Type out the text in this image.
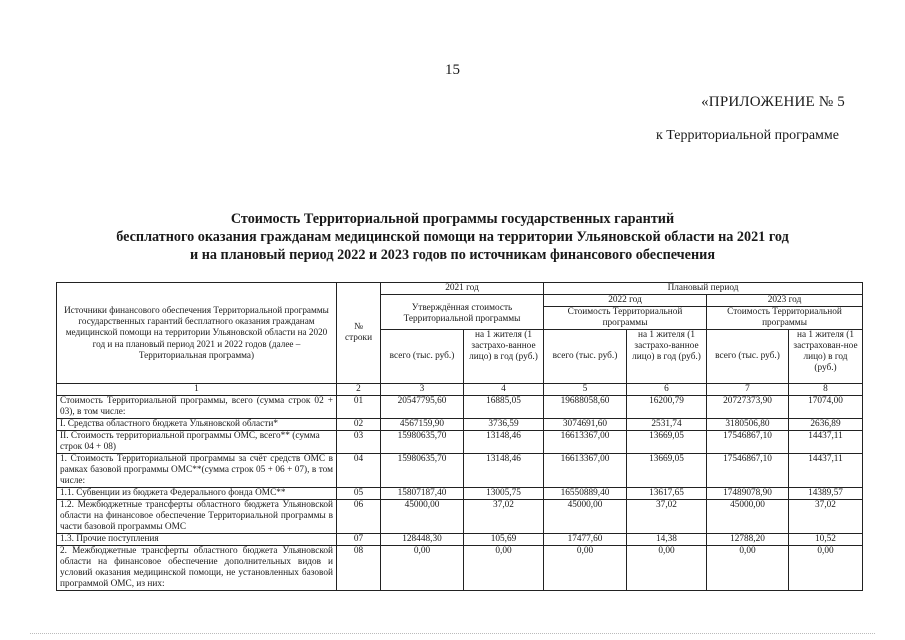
15
«ПРИЛОЖЕНИЕ № 5
к Территориальной программе
Стоимость Территориальной программы государственных гарантий
бесплатного оказания гражданам медицинской помощи на территории Ульяновской области на 2021 год
и на плановый период 2022 и 2023 годов по источникам финансового обеспечения
Источники финансового обеспечения Территориальной программы государственных гарантий бесплатного оказания гражданам медицинской помощи на территории Ульяновской области на 2020 год и на плановый период 2021 и 2022 годов (далее – Территориальная программа)	№ строки	2021 год		Плановый период			
		Утверждённая стоимость Территориальной программы		2022 год		2023 год	
				Стоимость Территориальной программы		Стоимость Территориальной программы	
		всего (тыс. руб.)	на 1 жителя (1 застрахо-ванное лицо) в год (руб.)	всего (тыс. руб.)	на 1 жителя (1 застрахо-ванное лицо) в год (руб.)	всего (тыс. руб.)	на 1 жителя (1 застрахован-ное лицо) в год (руб.)
1	2	3	4	5	6	7	8
Стоимость Территориальной программы, всего (сумма строк 02 + 03), в том числе:	01	20547795,60	16885,05	19688058,60	16200,79	20727373,90	17074,00
I. Средства областного бюджета Ульяновской области*	02	4567159,90	3736,59	3074691,60	2531,74	3180506,80	2636,89
II. Стоимость территориальной программы ОМС, всего** (сумма строк 04 + 08)	03	15980635,70	13148,46	16613367,00	13669,05	17546867,10	14437,11
1. Стоимость Территориальной программы за счёт средств ОМС в рамках базовой программы ОМС**(сумма строк 05 + 06 + 07), в том числе:	04	15980635,70	13148,46	16613367,00	13669,05	17546867,10	14437,11
1.1. Субвенции из бюджета Федерального фонда ОМС**	05	15807187,40	13005,75	16550889,40	13617,65	17489078,90	14389,57
1.2. Межбюджетные трансферты областного бюджета Ульяновской области на финансовое обеспечение Территориальной программы в части базовой программы ОМС	06	45000,00	37,02	45000,00	37,02	45000,00	37,02
1.3. Прочие поступления	07	128448,30	105,69	17477,60	14,38	12788,20	10,52
2. Межбюджетные трансферты областного бюджета Ульяновской области на финансовое обеспечение дополнительных видов и условий оказания медицинской помощи, не установленных базовой программой ОМС, из них:	08	0,00	0,00	0,00	0,00	0,00	0,00
